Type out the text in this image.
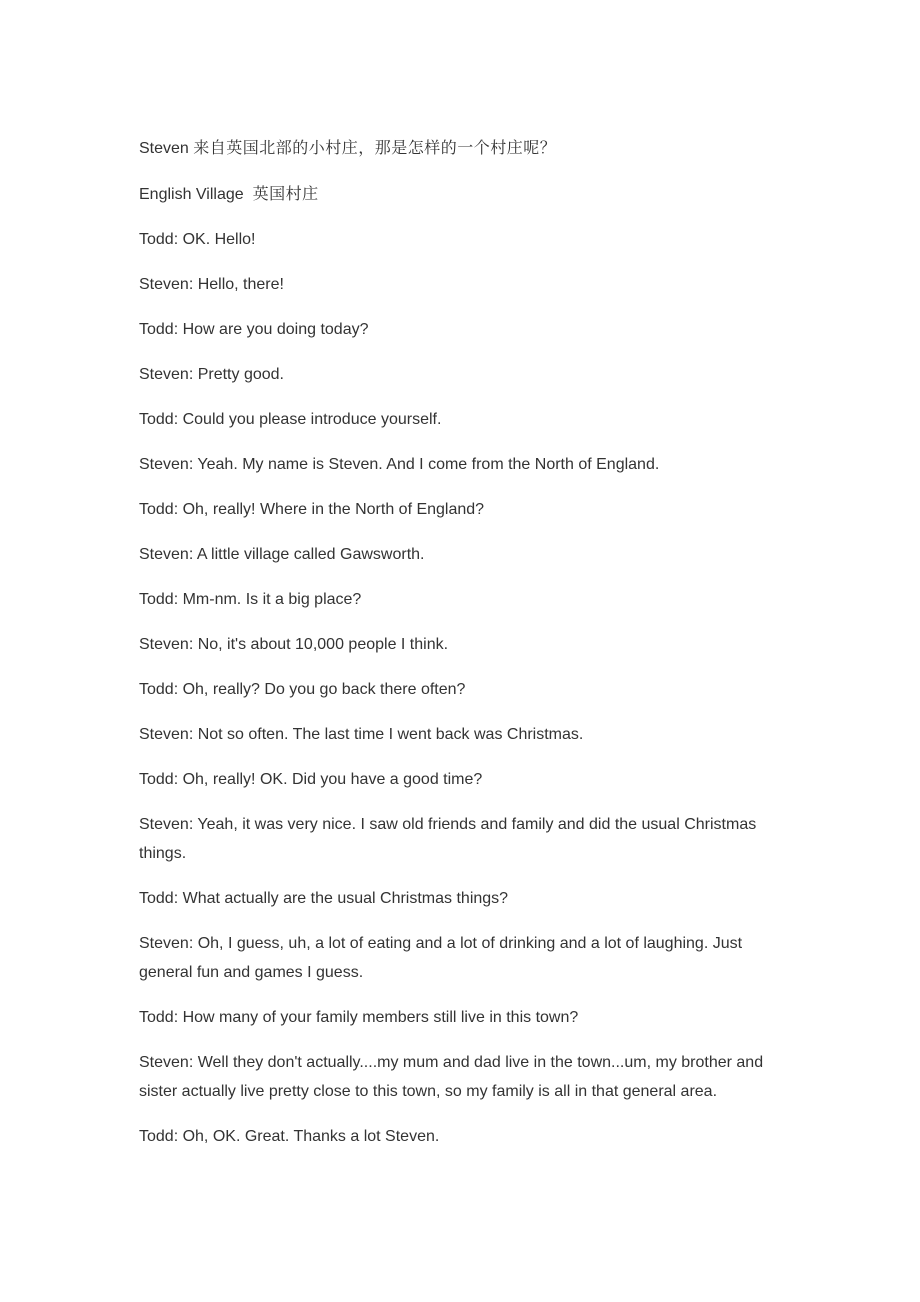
Steven 来自英国北部的小村庄，那是怎样的一个村庄呢？

English Village  英国村庄

Todd: OK. Hello!

Steven: Hello, there!

Todd: How are you doing today?

Steven: Pretty good.

Todd: Could you please introduce yourself.

Steven: Yeah. My name is Steven. And I come from the North of England.

Todd: Oh, really! Where in the North of England?

Steven: A little village called Gawsworth.

Todd: Mm-nm. Is it a big place?

Steven: No, it's about 10,000 people I think.

Todd: Oh, really? Do you go back there often?

Steven: Not so often. The last time I went back was Christmas.

Todd: Oh, really! OK. Did you have a good time?

Steven: Yeah, it was very nice. I saw old friends and family and did the usual Christmas things.

Todd: What actually are the usual Christmas things?

Steven: Oh, I guess, uh, a lot of eating and a lot of drinking and a lot of laughing. Just general fun and games I guess.

Todd: How many of your family members still live in this town?

Steven: Well they don't actually....my mum and dad live in the town...um, my brother and sister actually live pretty close to this town, so my family is all in that general area.

Todd: Oh, OK. Great. Thanks a lot Steven.
